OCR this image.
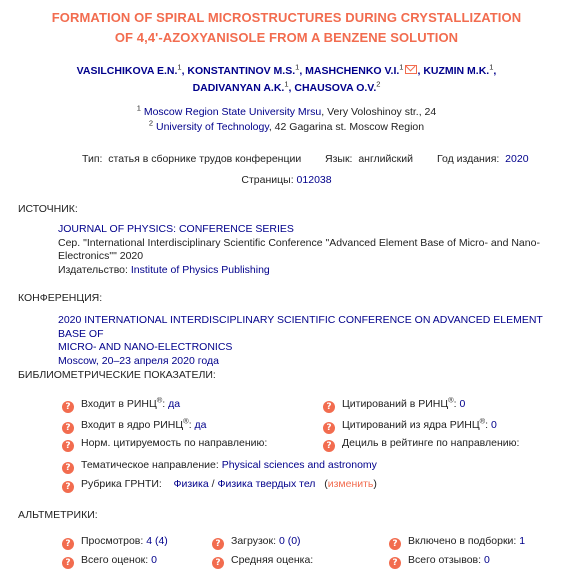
FORMATION OF SPIRAL MICROSTRUCTURES DURING CRYSTALLIZATION
OF 4,4'-AZOXYANISOLE FROM A BENZENE SOLUTION
VASILCHIKOVA E.N.$^1$, KONSTANTINOV M.S.$^1$, MASHCHENKO V.I.$^1$ , KUZMIN M.K.$^1$,
DADIVANYAN A.K.$^1$, CHAUSOVA O.V.$^2$
$^1$ Moscow Region State University Mrsu, Very Voloshinoy str., 24
$^2$ University of Technology, 42 Gagarina st. Moscow Region
Тип: статья в сборнике трудов конференции Язык: английский Год издания: 2020
Страницы: 012038
ИСТОЧНИК:
JOURNAL OF PHYSICS: CONFERENCE SERIES
Сер. "International Interdisciplinary Scientific Conference "Advanced Element Base of Micro- and Nano-
Electronics"" 2020
Издательство: Institute of Physics Publishing
КОНФЕРЕНЦИЯ:
2020 INTERNATIONAL INTERDISCIPLINARY SCIENTIFIC CONFERENCE ON ADVANCED ELEMENT BASE OF
MICRO- AND NANO-ELECTRONICS
Moscow, 20–23 апреля 2020 года
БИБЛИОМЕТРИЧЕСКИЕ ПОКАЗАТЕЛИ:
? Входит в РИНЦ®: да	? Цитирований в РИНЦ®: 0
? Входит в ядро РИНЦ®: да	? Цитирований из ядра РИНЦ®: 0
? Норм. цитируемость по направлению:	? Дециль в рейтинге по направлению:
? Тематическое направление: Physical sciences and astronomy
? Рубрика ГРНТИ: Физика / Физика твердых тел (изменить)
АЛЬТМЕТРИКИ:
? Просмотров: 4 (4)	? Загрузок: 0 (0)	? Включено в подборки: 1
? Всего оценок: 0	? Средняя оценка:	? Всего отзывов: 0
